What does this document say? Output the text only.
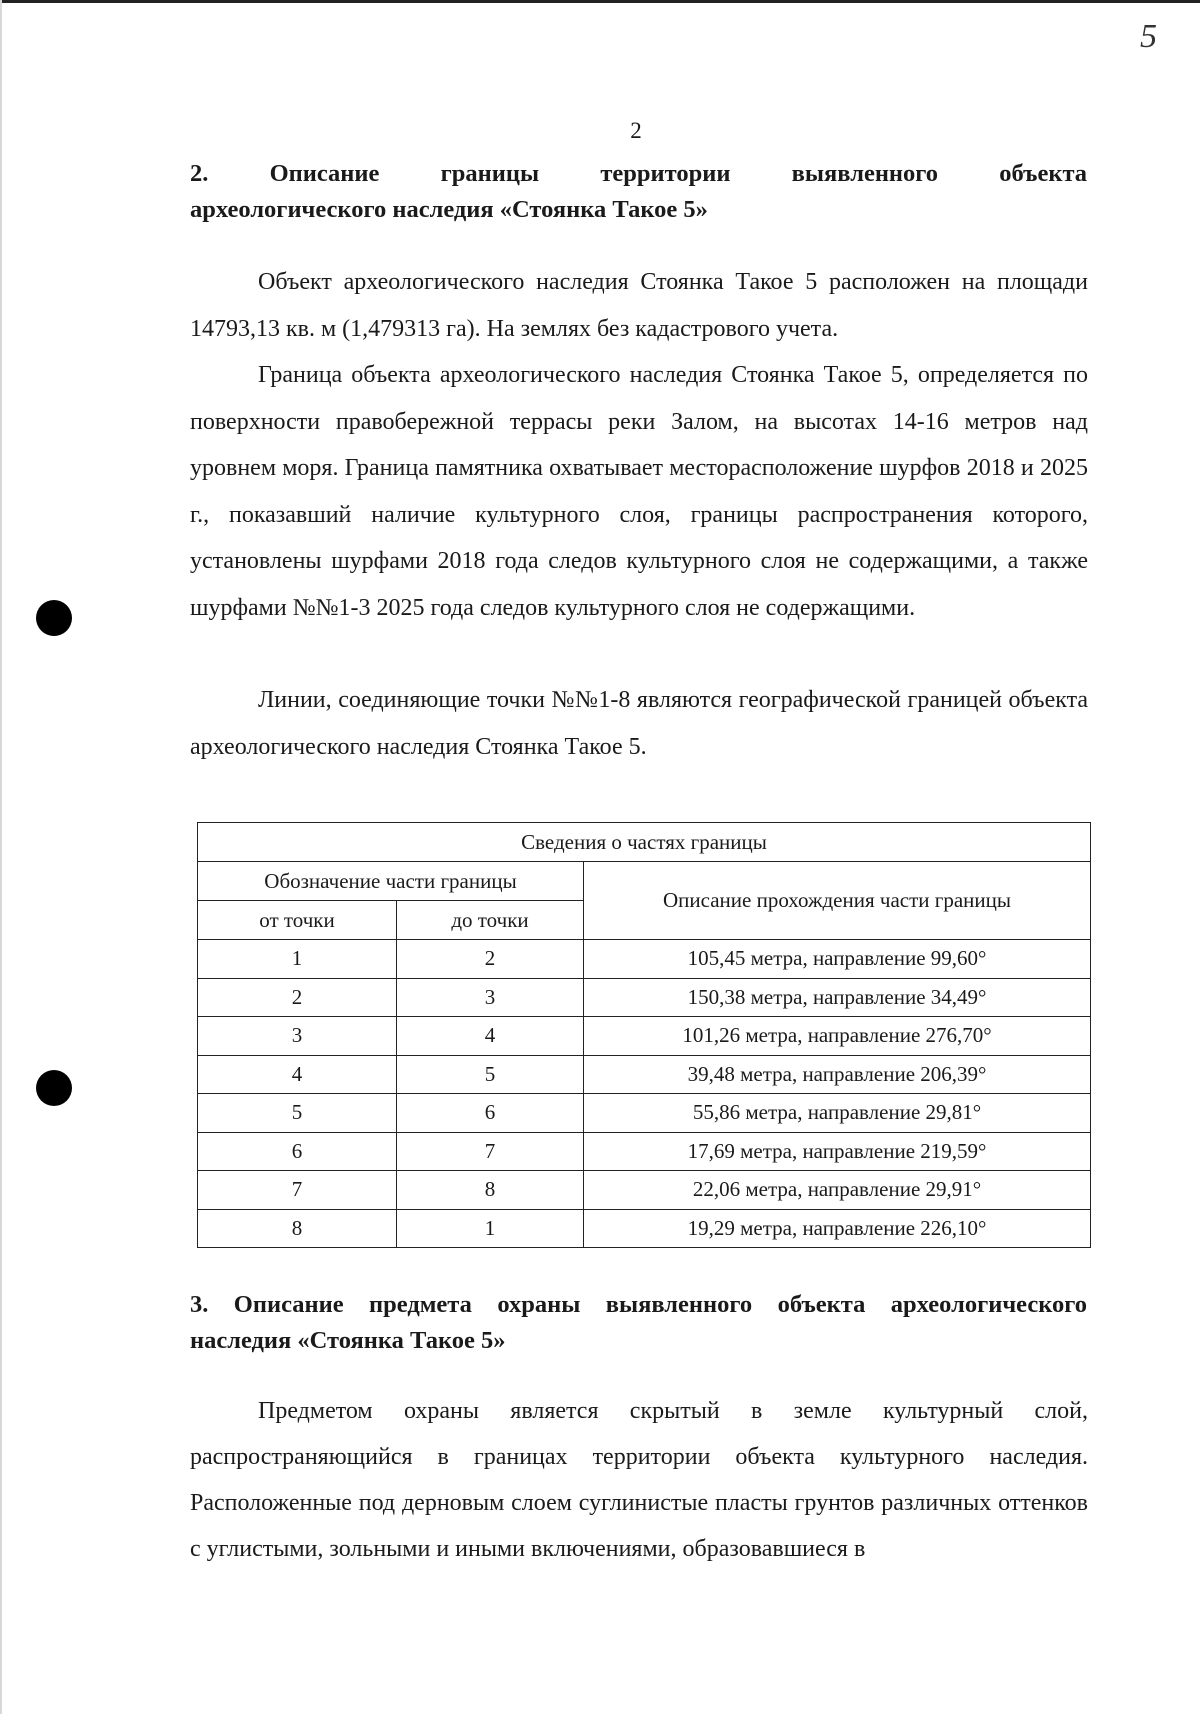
5
2
2. Описание границы территории выявленного объекта
археологического наследия «Стоянка Такое 5»

Объект археологического наследия Стоянка Такое 5 расположен на площади 14793,13 кв. м (1,479313 га). На землях без кадастрового учета.

Граница объекта археологического наследия Стоянка Такое 5, определяется по поверхности правобережной террасы реки Залом, на высотах 14-16 метров над уровнем моря. Граница памятника охватывает месторасположение шурфов 2018 и 2025 г., показавший наличие культурного слоя, границы распространения которого, установлены шурфами 2018 года следов культурного слоя не содержащими, а также шурфами №№1-3 2025 года следов культурного слоя не содержащими.

Линии, соединяющие точки №№1-8 являются географической границей объекта археологического наследия Стоянка Такое 5.

Сведения о частях границы		
Обозначение части границы		Описание прохождения части границы
от точки	до точки	
1	2	105,45 метра, направление 99,60°
2	3	150,38 метра, направление 34,49°
3	4	101,26 метра, направление 276,70°
4	5	39,48 метра, направление 206,39°
5	6	55,86 метра, направление 29,81°
6	7	17,69 метра, направление 219,59°
7	8	22,06 метра, направление 29,91°
8	1	19,29 метра, направление 226,10°
3. Описание предмета охраны выявленного объекта археологического
наследия «Стоянка Такое 5»

Предметом охраны является скрытый в земле культурный слой, распространяющийся в границах территории объекта культурного наследия. Расположенные под дерновым слоем суглинистые пласты грунтов различных оттенков с углистыми, зольными и иными включениями, образовавшиеся в
